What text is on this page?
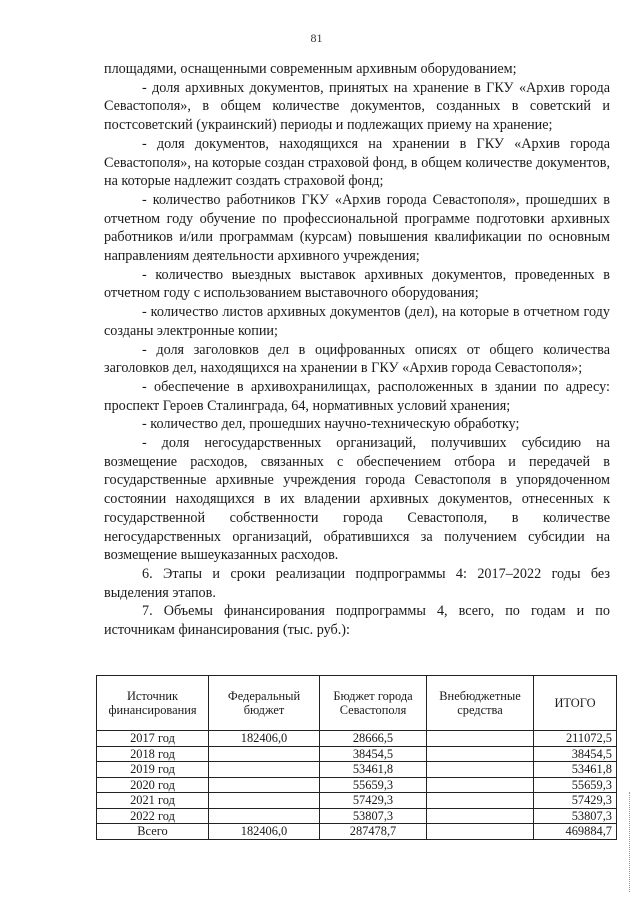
81

площадями, оснащенными современным архивным оборудованием;

- доля архивных документов, принятых на хранение в ГКУ «Архив города Севастополя», в общем количестве документов, созданных в советский и постсоветский (украинский) периоды и подлежащих приему на хранение;

- доля документов, находящихся на хранении в ГКУ «Архив города Севастополя», на которые создан страховой фонд, в общем количестве документов, на которые надлежит создать страховой фонд;

- количество работников ГКУ «Архив города Севастополя», прошедших в отчетном году обучение по профессиональной программе подготовки архивных работников и/или программам (курсам) повышения квалификации по основным направлениям деятельности архивного учреждения;

- количество выездных выставок архивных документов, проведенных в отчетном году с использованием выставочного оборудования;

- количество листов архивных документов (дел), на которые в отчетном году созданы электронные копии;

- доля заголовков дел в оцифрованных описях от общего количества заголовков дел, находящихся на хранении в ГКУ «Архив города Севастополя»;

- обеспечение в архивохранилищах, расположенных в здании по адресу: проспект Героев Сталинграда, 64, нормативных условий хранения;

- количество дел, прошедших научно-техническую обработку;

- доля негосударственных организаций, получивших субсидию на возмещение расходов, связанных с обеспечением отбора и передачей в государственные архивные учреждения города Севастополя в упорядоченном состоянии находящихся в их владении архивных документов, отнесенных к государственной собственности города Севастополя, в количестве негосударственных организаций, обратившихся за получением субсидии на возмещение вышеуказанных расходов.

6. Этапы и сроки реализации подпрограммы 4: 2017–2022 годы без выделения этапов.

7. Объемы финансирования подпрограммы 4, всего, по годам и по источникам финансирования (тыс. руб.):

Источник финансирования	Федеральный бюджет	Бюджет города Севастополя	Внебюджетные средства	ИТОГО
2017 год	182406,0	28666,5		211072,5
2018 год		38454,5		38454,5
2019 год		53461,8		53461,8
2020 год		55659,3		55659,3
2021 год		57429,3		57429,3
2022 год		53807,3		53807,3
Всего	182406,0	287478,7		469884,7
